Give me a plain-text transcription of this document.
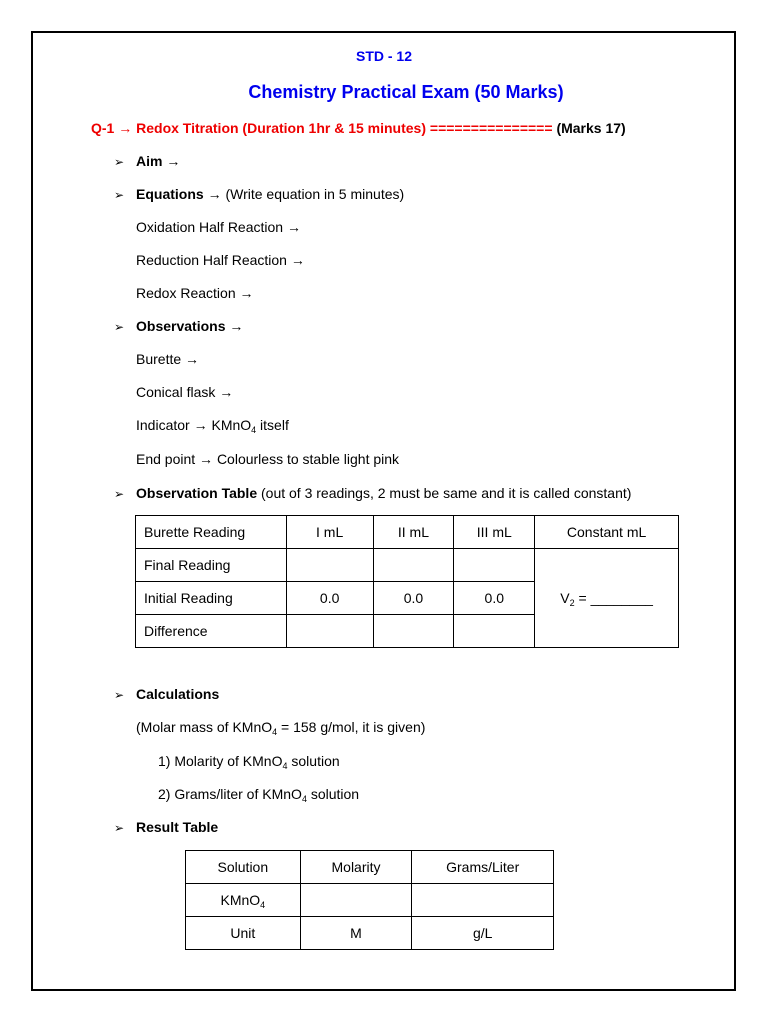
STD - 12
Chemistry Practical Exam (50 Marks)
Q-1 → Redox Titration (Duration 1hr & 15 minutes) =============== (Marks 17)
➢ Aim →
➢ Equations → (Write equation in 5 minutes)
Oxidation Half Reaction →
Reduction Half Reaction →
Redox Reaction →
➢ Observations →
Burette →
Conical flask →
Indicator → KMnO$_4$ itself
End point → Colourless to stable light pink
➢ Observation Table (out of 3 readings, 2 must be same and it is called constant)
Burette Reading	I mL	II mL	III mL	Constant mL
Final Reading				$V_2$ = ________
Initial Reading	0.0	0.0	0.0	
Difference				
➢ Calculations
(Molar mass of KMnO$_4$ = 158 g/mol, it is given)
1) Molarity of KMnO$_4$ solution
2) Grams/liter of KMnO$_4$ solution
➢ Result Table
Solution	Molarity	Grams/Liter
KMnO$_4$		
Unit	M	g/L
